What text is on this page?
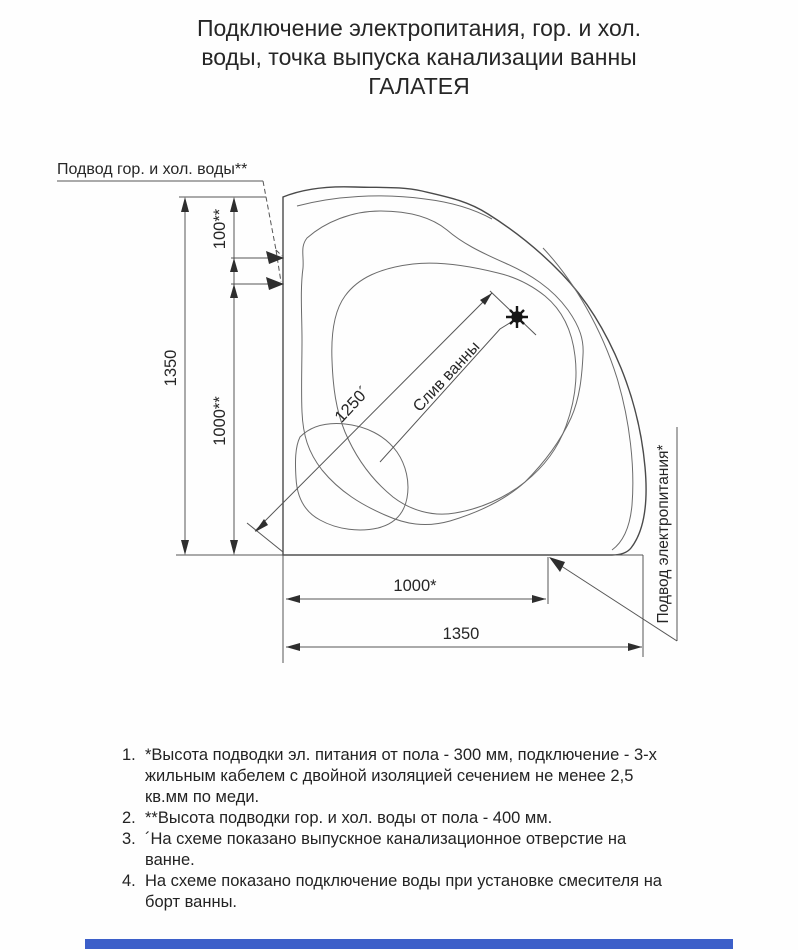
Подключение электропитания, гор. и хол.
воды, точка выпуска канализации ванны
ГАЛАТЕЯ
Подвод гор. и хол. воды**
1350
1000**
100**
1250´ Слив ванны
Подвод электропитания*
1000*
1350
1. *Высота подводки эл. питания от пола - 300 мм, подключение - 3-х жильным кабелем с двойной изоляцией сечением не менее 2,5 кв.мм по меди.
2. **Высота подводки гор. и хол. воды от пола - 400 мм.
3. ´На схеме показано выпускное канализационное отверстие на ванне.
4. На схеме показано подключение воды при установке смесителя на борт ванны.
